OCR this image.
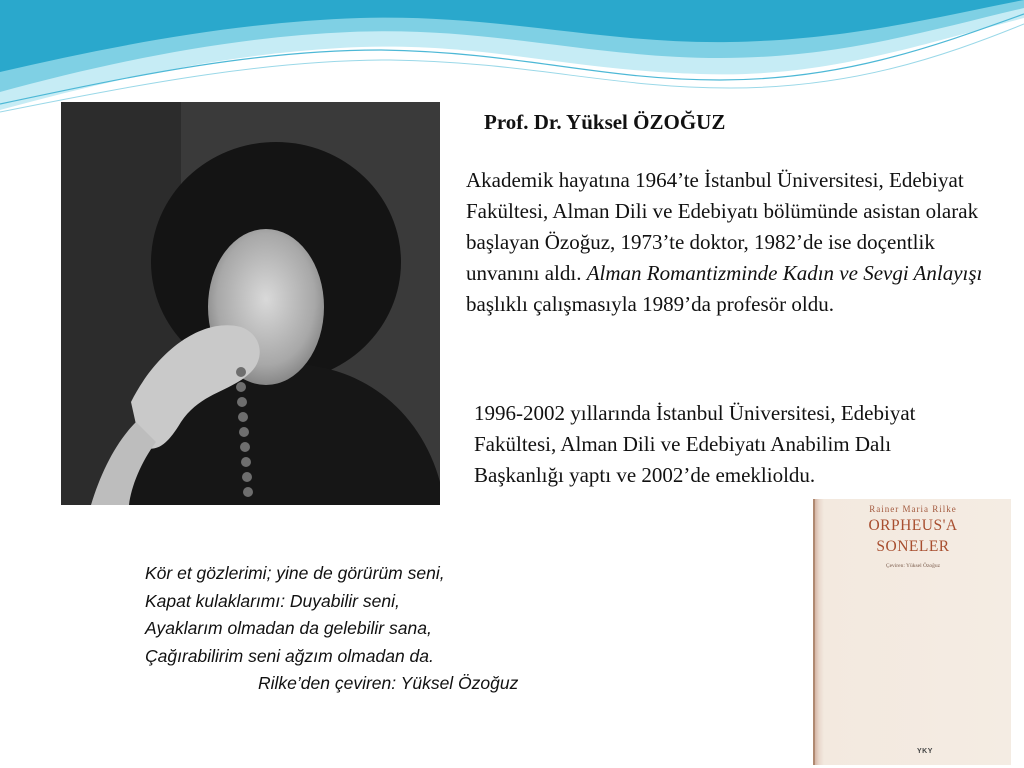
Prof. Dr. Yüksel ÖZOĞUZ

Akademik hayatına 1964’te İstanbul Üniversitesi, Edebiyat Fakültesi, Alman Dili ve Edebiyatı bölümünde asistan olarak başlayan Özoğuz, 1973’te doktor, 1982’de ise doçentlik unvanını aldı. Alman Romantizminde Kadın ve Sevgi Anlayışı başlıklı çalışmasıyla 1989’da profesör oldu.

1996-2002 yıllarında İstanbul Üniversitesi, Edebiyat Fakültesi, Alman Dili ve Edebiyatı Anabilim Dalı Başkanlığı yaptı ve 2002’de emeklioldu.

Kör et gözlerimi; yine de görürüm seni,
Kapat kulaklarımı: Duyabilir seni,
Ayaklarım olmadan da gelebilir sana,
Çağırabilirim seni ağzım olmadan da.
Rilke’den çeviren: Yüksel Özoğuz
Rainer Maria Rilke
ORPHEUS'A
SONELER
Çeviren: Yüksel Özoğuz
YKY
